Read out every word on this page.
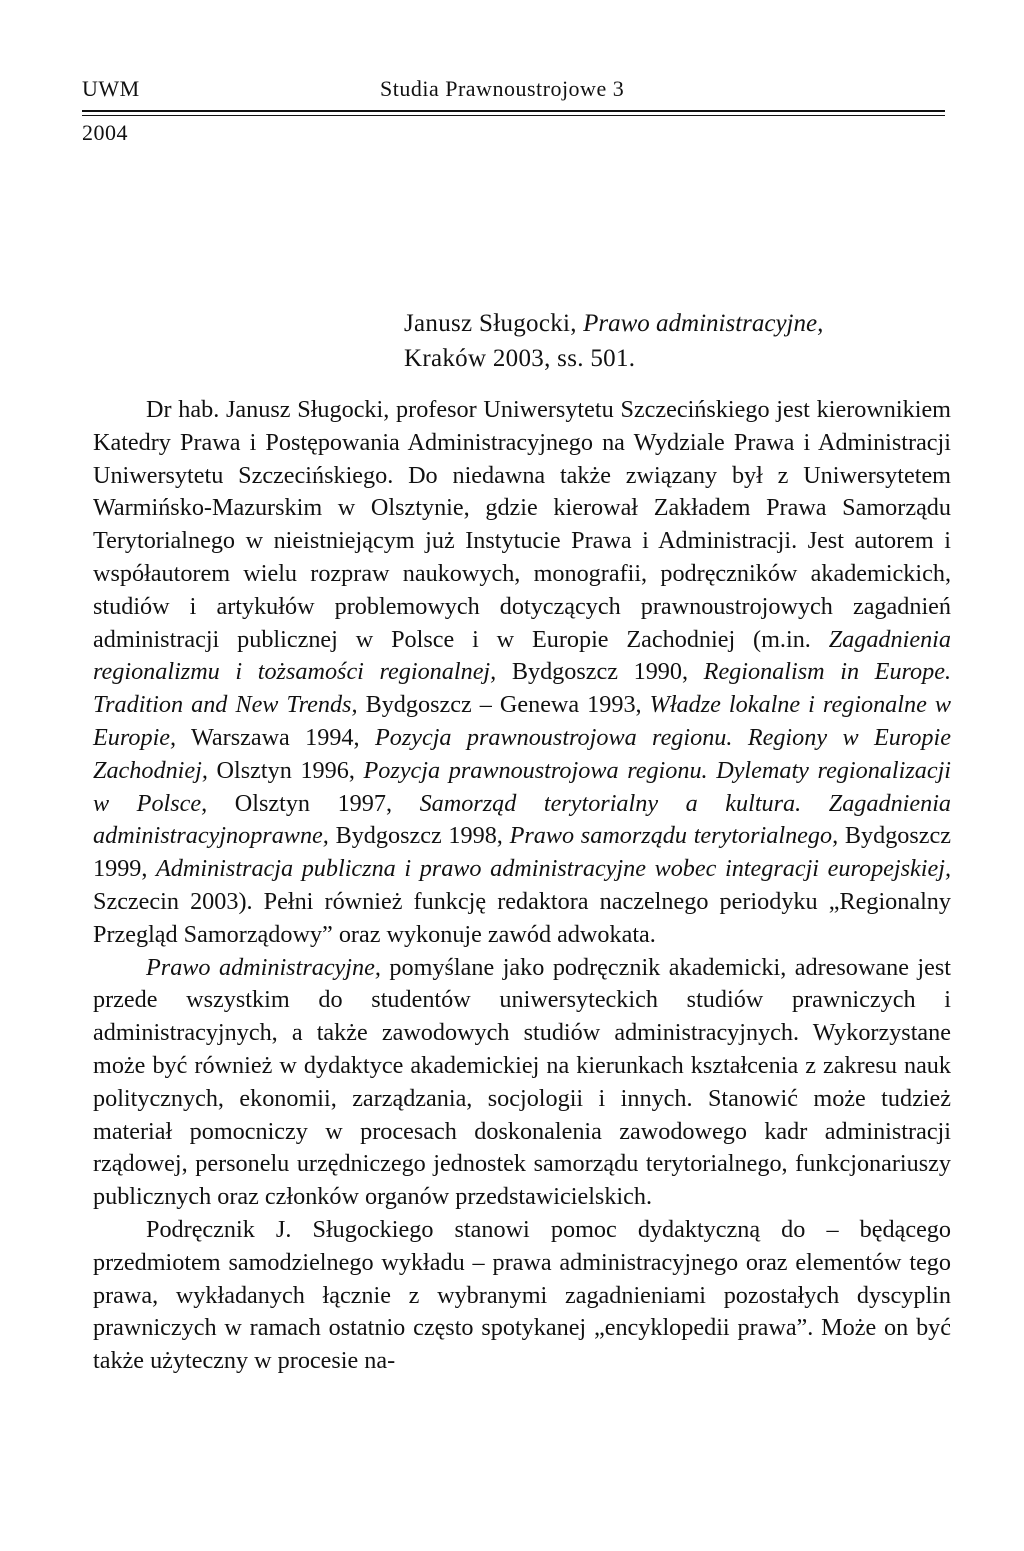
UWM	Studia Prawnoustrojowe 3
2004
Janusz Sługocki, Prawo administracyjne,
Kraków 2003, ss. 501.

Dr hab. Janusz Sługocki, profesor Uniwersytetu Szczecińskiego jest kierownikiem Katedry Prawa i Postępowania Administracyjnego na Wydziale Prawa i Administracji Uniwersytetu Szczecińskiego. Do niedawna także związany był z Uniwersytetem Warmińsko-Mazurskim w Olsztynie, gdzie kierował Zakładem Prawa Samorządu Terytorialnego w nieistniejącym już Instytucie Prawa i Administracji. Jest autorem i współautorem wielu rozpraw naukowych, monografii, podręczników akademickich, studiów i artykułów problemowych dotyczących prawnoustrojowych zagadnień administracji publicznej w Polsce i w Europie Zachodniej (m.in. Zagadnienia regionalizmu i tożsamości regionalnej, Bydgoszcz 1990, Regionalism in Europe. Tradition and New Trends, Bydgoszcz – Genewa 1993, Władze lokalne i regionalne w Europie, Warszawa 1994, Pozycja prawnoustrojowa regionu. Regiony w Europie Zachodniej, Olsztyn 1996, Pozycja prawnoustrojowa regionu. Dylematy regionalizacji w Polsce, Olsztyn 1997, Samorząd terytorialny a kultura. Zagadnienia administracyjnoprawne, Bydgoszcz 1998, Prawo samorządu terytorialnego, Bydgoszcz 1999, Administracja publiczna i prawo administracyjne wobec integracji europejskiej, Szczecin 2003). Pełni również funkcję redaktora naczelnego periodyku „Regionalny Przegląd Samorządowy” oraz wykonuje zawód adwokata.

Prawo administracyjne, pomyślane jako podręcznik akademicki, adresowane jest przede wszystkim do studentów uniwersyteckich studiów prawniczych i administracyjnych, a także zawodowych studiów administracyjnych. Wykorzystane może być również w dydaktyce akademickiej na kierunkach kształcenia z zakresu nauk politycznych, ekonomii, zarządzania, socjologii i innych. Stanowić może tudzież materiał pomocniczy w procesach doskonalenia zawodowego kadr administracji rządowej, personelu urzędniczego jednostek samorządu terytorialnego, funkcjonariuszy publicznych oraz członków organów przedstawicielskich.

Podręcznik J. Sługockiego stanowi pomoc dydaktyczną do – będącego przedmiotem samodzielnego wykładu – prawa administracyjnego oraz elementów tego prawa, wykładanych łącznie z wybranymi zagadnieniami pozostałych dyscyplin prawniczych w ramach ostatnio często spotykanej „encyklopedii prawa”. Może on być także użyteczny w procesie na-
